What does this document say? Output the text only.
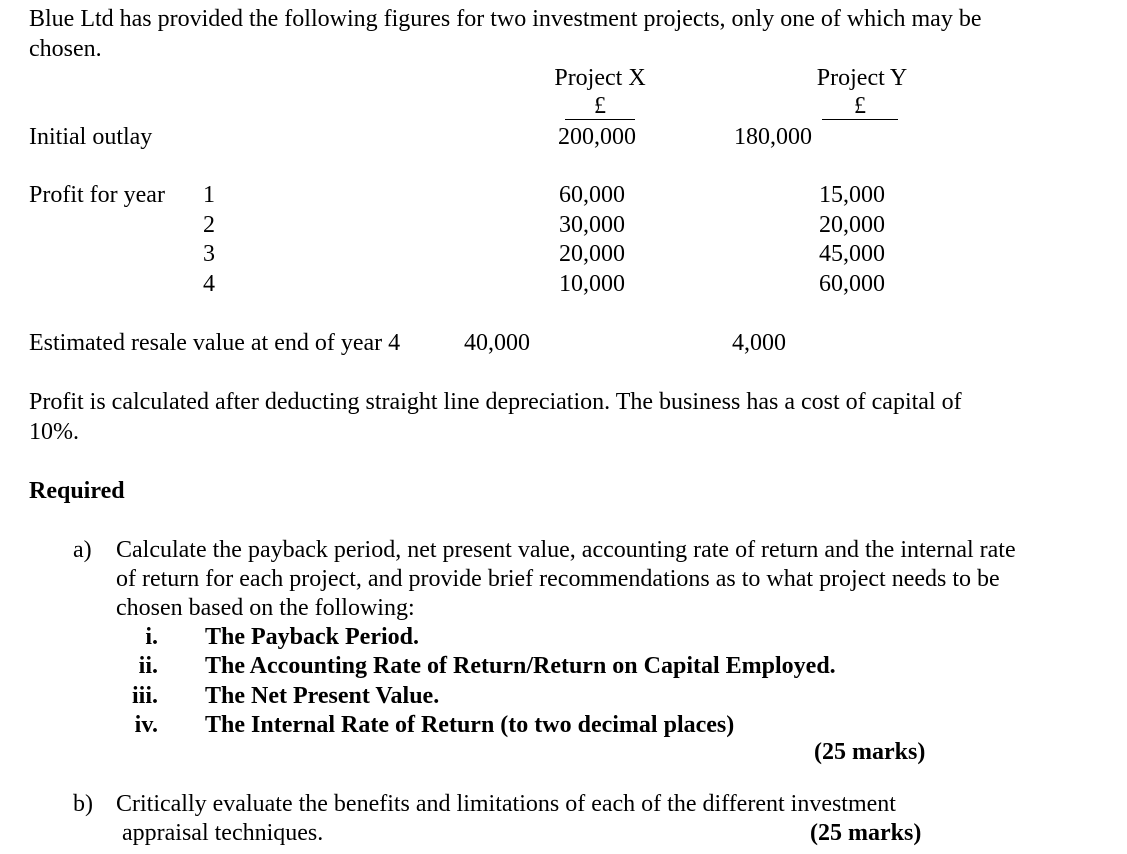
Blue Ltd has provided the following figures for two investment projects, only one of which may be
chosen.
Project X	Project Y
£	£
Initial outlay	200,000	180,000
Profit for year	1	60,000	15,000
2	30,000	20,000
3	20,000	45,000
4	10,000	60,000
Estimated resale value at end of year 4	40,000	4,000
Profit is calculated after deducting straight line depreciation. The business has a cost of capital of
10%.
Required
a) Calculate the payback period, net present value, accounting rate of return and the internal rate
of return for each project, and provide brief recommendations as to what project needs to be
chosen based on the following:
i. The Payback Period.
ii. The Accounting Rate of Return/Return on Capital Employed.
iii. The Net Present Value.
iv. The Internal Rate of Return (to two decimal places)
(25 marks)
b) Critically evaluate the benefits and limitations of each of the different investment
appraisal techniques.	(25 marks)
